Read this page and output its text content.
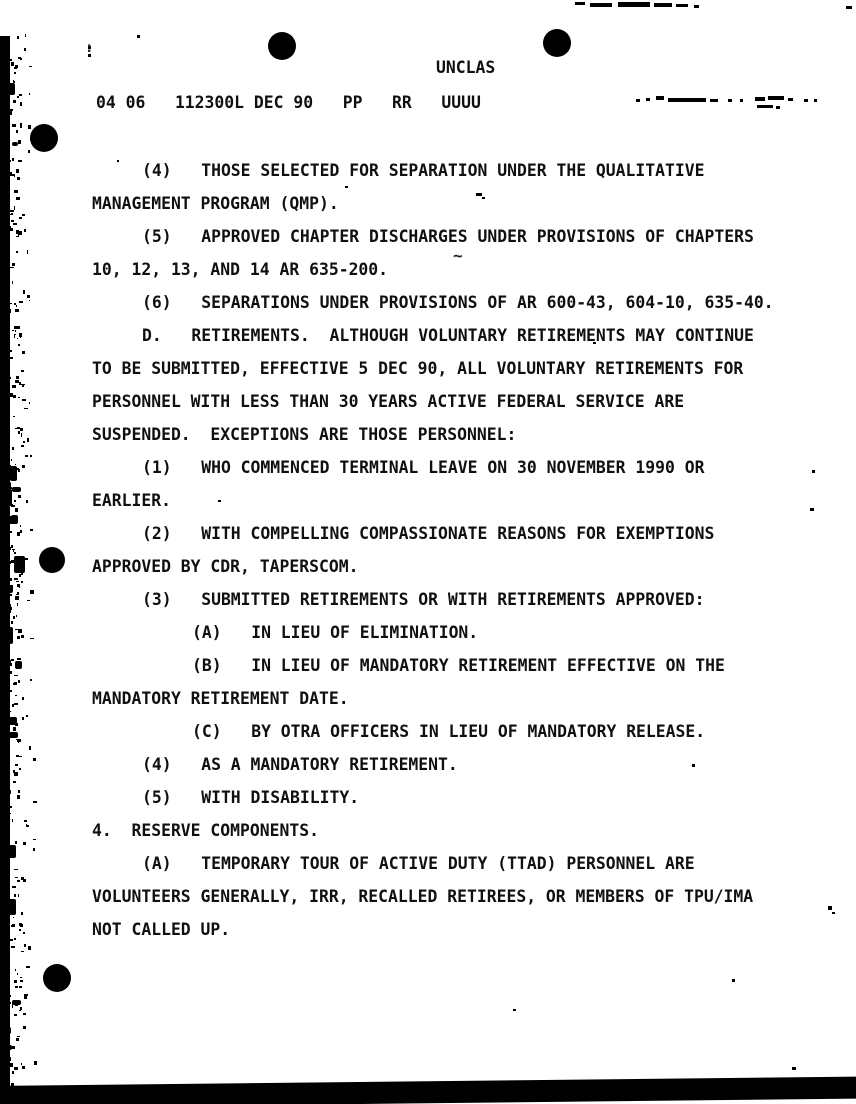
~
:
UNCLAS
04 06   112300L DEC 90   PP   RR   UUUU
(4)   THOSE SELECTED FOR SEPARATION UNDER THE QUALITATIVE
MANAGEMENT PROGRAM (QMP).
(5)   APPROVED CHAPTER DISCHARGES UNDER PROVISIONS OF CHAPTERS
10, 12, 13, AND 14 AR 635-200.
(6)   SEPARATIONS UNDER PROVISIONS OF AR 600-43, 604-10, 635-40.
D.   RETIREMENTS.  ALTHOUGH VOLUNTARY RETIREMENTS MAY CONTINUE
TO BE SUBMITTED, EFFECTIVE 5 DEC 90, ALL VOLUNTARY RETIREMENTS FOR
PERSONNEL WITH LESS THAN 30 YEARS ACTIVE FEDERAL SERVICE ARE
SUSPENDED.  EXCEPTIONS ARE THOSE PERSONNEL:
(1)   WHO COMMENCED TERMINAL LEAVE ON 30 NOVEMBER 1990 OR
EARLIER.
(2)   WITH COMPELLING COMPASSIONATE REASONS FOR EXEMPTIONS
APPROVED BY CDR, TAPERSCOM.
(3)   SUBMITTED RETIREMENTS OR WITH RETIREMENTS APPROVED:
(A)   IN LIEU OF ELIMINATION.
(B)   IN LIEU OF MANDATORY RETIREMENT EFFECTIVE ON THE
MANDATORY RETIREMENT DATE.
(C)   BY OTRA OFFICERS IN LIEU OF MANDATORY RELEASE.
(4)   AS A MANDATORY RETIREMENT.
(5)   WITH DISABILITY.
4.  RESERVE COMPONENTS.
(A)   TEMPORARY TOUR OF ACTIVE DUTY (TTAD) PERSONNEL ARE
VOLUNTEERS GENERALLY, IRR, RECALLED RETIREES, OR MEMBERS OF TPU/IMA
NOT CALLED UP.
